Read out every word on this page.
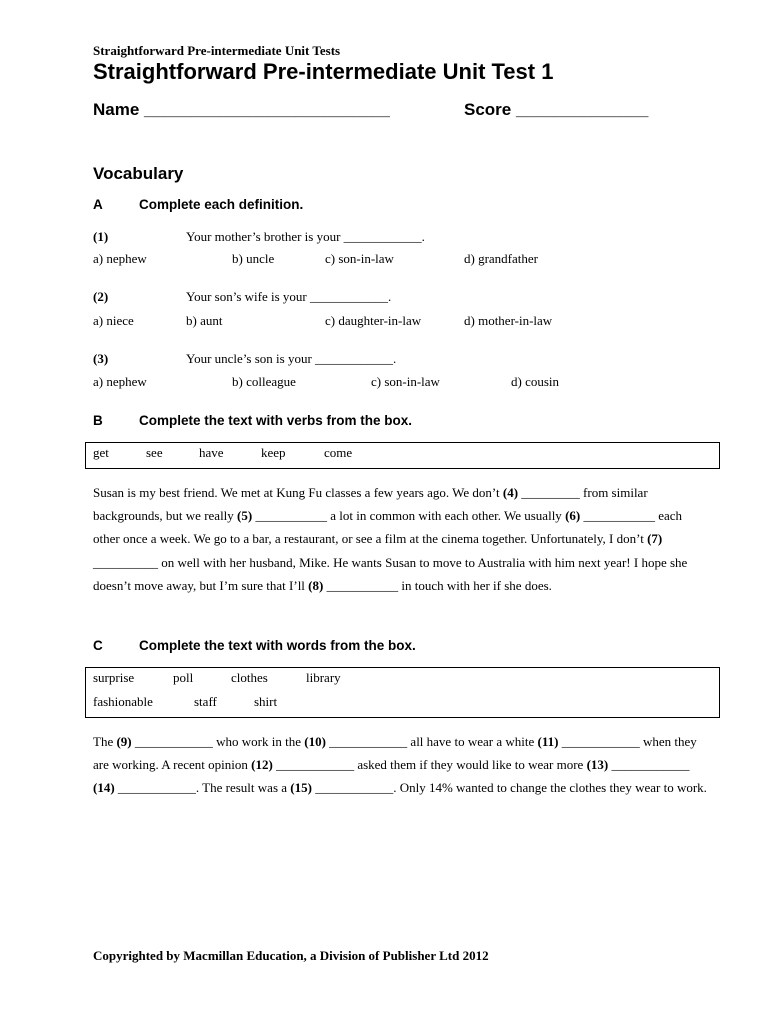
Straightforward Pre-intermediate Unit Tests
Straightforward Pre-intermediate Unit Test 1
Name __________________________	Score ______________
Vocabulary
A	Complete each definition.
(1)	Your mother’s brother is your ____________.
a) nephew	b) uncle	c) son-in-law	d) grandfather
(2)	Your son’s wife is your ____________.
a) niece	b) aunt	c) daughter-in-law	d) mother-in-law
(3)	Your uncle’s son is your ____________.
a) nephew	b) colleague	c) son-in-law	d) cousin
B	Complete the text with verbs from the box.
get	see	have	keep	come
Susan is my best friend. We met at Kung Fu classes a few years ago. We don’t (4) _________ from similar backgrounds, but we really (5) ___________ a lot in common with each other. We usually (6) ___________ each other once a week. We go to a bar, a restaurant, or see a film at the cinema together. Unfortunately, I don’t (7) __________ on well with her husband, Mike. He wants Susan to move to Australia with him next year! I hope she doesn’t move away, but I’m sure that I’ll (8) ___________ in touch with her if she does.
C	Complete the text with words from the box.
surprise	poll	clothes	library
fashionable	staff	shirt
The (9) ____________ who work in the (10) ____________ all have to wear a white (11) ____________ when they are working. A recent opinion (12) ____________ asked them if they would like to wear more (13) ____________ (14) ____________. The result was a (15) ____________. Only 14% wanted to change the clothes they wear to work.
Copyrighted by Macmillan Education, a Division of Publisher Ltd 2012
